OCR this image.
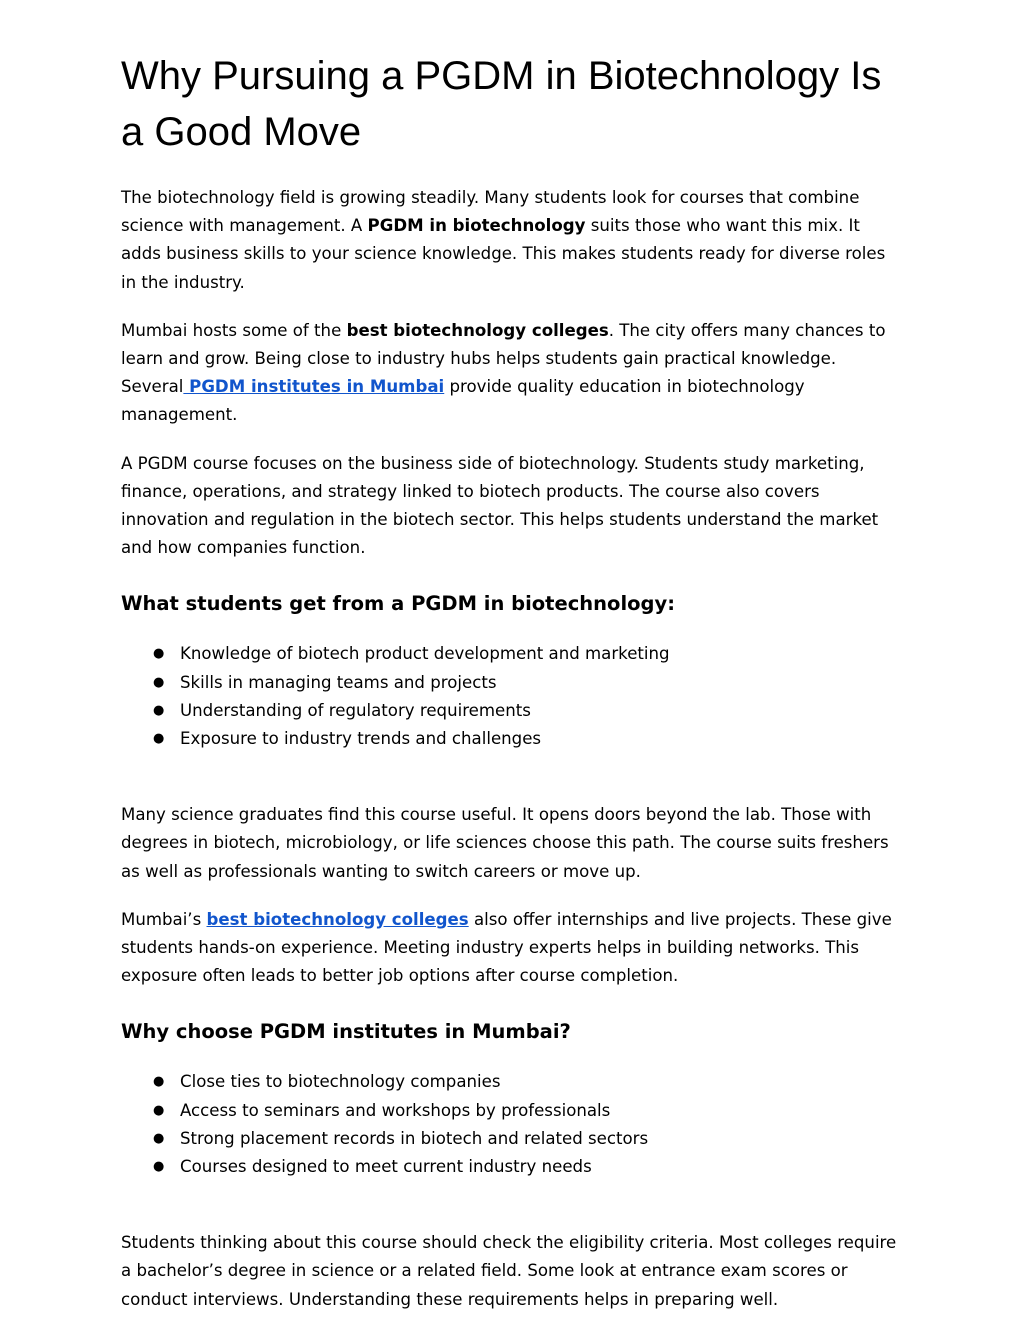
Why Pursuing a PGDM in Biotechnology Is a Good Move

The biotechnology field is growing steadily. Many students look for courses that combine science with management. A PGDM in biotechnology suits those who want this mix. It adds business skills to your science knowledge. This makes students ready for diverse roles in the industry.

Mumbai hosts some of the best biotechnology colleges. The city offers many chances to learn and grow. Being close to industry hubs helps students gain practical knowledge. Several PGDM institutes in Mumbai provide quality education in biotechnology management.

A PGDM course focuses on the business side of biotechnology. Students study marketing, finance, operations, and strategy linked to biotech products. The course also covers innovation and regulation in the biotech sector. This helps students understand the market and how companies function.

What students get from a PGDM in biotechnology:
● Knowledge of biotech product development and marketing
● Skills in managing teams and projects
● Understanding of regulatory requirements
● Exposure to industry trends and challenges

Many science graduates find this course useful. It opens doors beyond the lab. Those with degrees in biotech, microbiology, or life sciences choose this path. The course suits freshers as well as professionals wanting to switch careers or move up.

Mumbai’s best biotechnology colleges also offer internships and live projects. These give students hands-on experience. Meeting industry experts helps in building networks. This exposure often leads to better job options after course completion.

Why choose PGDM institutes in Mumbai?
● Close ties to biotechnology companies
● Access to seminars and workshops by professionals
● Strong placement records in biotech and related sectors
● Courses designed to meet current industry needs

Students thinking about this course should check the eligibility criteria. Most colleges require a bachelor’s degree in science or a related field. Some look at entrance exam scores or conduct interviews. Understanding these requirements helps in preparing well.
